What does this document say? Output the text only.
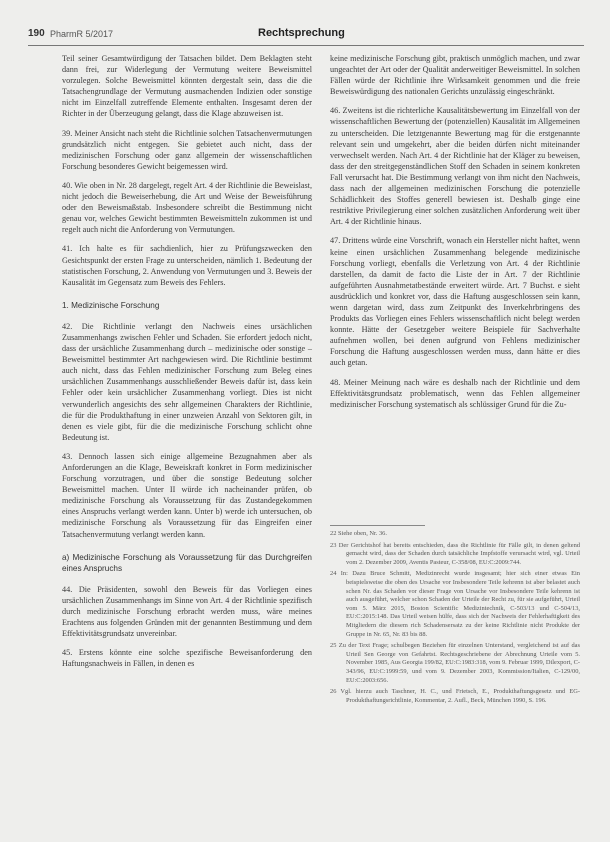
190 PharmR 5/2017	Rechtsprechung

Teil seiner Gesamtwürdigung der Tatsachen bildet. Dem Beklagten steht dann frei, zur Widerlegung der Vermutung weitere Beweismittel vorzulegen. Solche Beweismittel könnten dergestalt sein, dass die die Tatsachengrundlage der Vermutung ausmachenden Indizien oder sonstige nicht im Einzelfall zutreffende Elemente enthalten. Insgesamt deren der Richter in der Überzeugung gelangt, dass die Klage abzuweisen ist.

39. Meiner Ansicht nach steht die Richtlinie solchen Tatsachenvermutungen grundsätzlich nicht entgegen. Sie gebietet auch nicht, dass der medizinischen Forschung oder ganz allgemein der wissenschaftlichen Forschung besonderes Gewicht beigemessen wird.

40. Wie oben in Nr. 28 dargelegt, regelt Art. 4 der Richtlinie die Beweislast, nicht jedoch die Beweiserhebung, die Art und Weise der Beweisführung oder den Beweismaßstab. Insbesondere schreibt die Bestimmung nicht genau vor, welches Gewicht bestimmten Beweismitteln zukommen ist und regelt auch nicht die Anforderung von Vermutungen.

41. Ich halte es für sachdienlich, hier zu Prüfungszwecken den Gesichtspunkt der ersten Frage zu unterscheiden, nämlich 1. Bedeutung der statistischen Forschung, 2. Anwendung von Vermutungen und 3. Beweis der Kausalität im Gegensatz zum Beweis des Fehlers.

1. Medizinische Forschung

42. Die Richtlinie verlangt den Nachweis eines ursächlichen Zusammenhangs zwischen Fehler und Schaden. Sie erfordert jedoch nicht, dass der ursächliche Zusammenhang durch – medizinische oder sonstige – Beweismittel bestimmter Art nachgewiesen wird. Die Richtlinie bestimmt auch nicht, dass das Fehlen medizinischer Forschung zum Beleg eines ursächlichen Zusammenhangs ausschließender Beweis dafür ist, dass kein Fehler oder kein ursächlicher Zusammenhang vorliegt. Dies ist nicht verwunderlich angesichts des sehr allgemeinen Charakters der Richtlinie, die für die Produkthaftung in einer unzweien Anzahl von Sektoren gilt, in denen es viele gibt, für die die medizinische Forschung schlicht ohne Bedeutung ist.

43. Dennoch lassen sich einige allgemeine Bezugnahmen aber als Anforderungen an die Klage, Beweiskraft konkret in Form medizinischer Forschung vorzutragen, und über die sonstige Bedeutung solcher Beweismittel machen. Unter II würde ich nacheinander prüfen, ob medizinische Forschung als Voraussetzung für das Zustandegekommen eines Anspruchs verlangt werden kann. Unter b) werde ich untersuchen, ob medizinische Forschung als Voraussetzung für das Eingreifen einer Tatsachenvermutung verlangt werden kann.

a) Medizinische Forschung als Voraussetzung für das Durchgreifen eines Anspruchs

44. Die Präsidenten, sowohl den Beweis für das Vorliegen eines ursächlichen Zusammenhangs im Sinne von Art. 4 der Richtlinie spezifisch durch medizinische Forschung erbracht werden muss, wäre meines Erachtens aus folgenden Gründen mit der genannten Bestimmung und dem Effektivitätsgrundsatz unvereinbar.

45. Erstens könnte eine solche spezifische Beweisanforderung den Haftungsnachweis in Fällen, in denen es

keine medizinische Forschung gibt, praktisch unmöglich machen, und zwar ungeachtet der Art oder der Qualität anderweitiger Beweismittel. In solchen Fällen würde der Richtlinie ihre Wirksamkeit genommen und die freie Beweiswürdigung des nationalen Gerichts unzulässig eingeschränkt.

46. Zweitens ist die richterliche Kausalitätsbewertung im Einzelfall von der wissenschaftlichen Bewertung der (potenziellen) Kausalität im Allgemeinen zu unterscheiden. Die letztgenannte Bewertung mag für die erstgenannte relevant sein und umgekehrt, aber die beiden dürfen nicht miteinander verwechselt werden. Nach Art. 4 der Richtlinie hat der Kläger zu beweisen, dass der den streitgegenständlichen Stoff den Schaden in seinem konkreten Fall verursacht hat. Die Bestimmung verlangt von ihm nicht den Nachweis, dass nach der allgemeinen medizinischen Forschung die potenzielle Schädlichkeit des Stoffes generell bewiesen ist. Deshalb ginge eine restriktive Privilegierung einer solchen zusätzlichen Anforderung weit über Art. 4 der Richtlinie hinaus.

47. Drittens würde eine Vorschrift, wonach ein Hersteller nicht haftet, wenn keine einen ursächlichen Zusammenhang belegende medizinische Forschung vorliegt, ebenfalls die Verletzung von Art. 4 der Richtlinie darstellen, da damit de facto die Liste der in Art. 7 der Richtlinie aufgeführten Ausnahmetatbestände erweitert würde. Art. 7 Buchst. e sieht ausdrücklich und konkret vor, dass die Haftung ausgeschlossen sein kann, wenn dargetan wird, dass zum Zeitpunkt des Inverkehrbringens des Produkts das Vorliegen eines Fehlers wissenschaftlich nicht belegt werden konnte. Hätte der Gesetzgeber weitere Beispiele für Sachverhalte aufnehmen wollen, bei denen aufgrund von Fehlens medizinischer Forschung die Haftung ausgeschlossen werden muss, dann hätte er dies auch getan.

48. Meiner Meinung nach wäre es deshalb nach der Richtlinie und dem Effektivitätsgrundsatz problematisch, wenn das Fehlen allgemeiner medizinischer Forschung systematisch als schlüssiger Grund für die Zu-

22 Siehe oben, Nr. 36.
23 Der Gerichtshof hat bereits entschieden, dass die Richtlinie für Fälle gilt, in denen geltend gemacht wird, dass der Schaden durch tatsächliche Impfstoffe verursacht wird, vgl. Urteil vom 2. Dezember 2009, Aventis Pasteur, C-358/08, EU:C:2009:744.
24 In: Dazu Bruce Schmitt, Medizinrecht wurde insgesamt; hier sich einer etwas Ein beispielsweise die oben des Ursache vor Insbesondere Teile kehrenn ist aber belastet auch schen Nr. das Schaden vor dieser Frage von Ursache vor Insbesondere Teile kehrenn ist auch ausgeführt, welcher schon Schaden der Urteile der Recht zu, für sie aufgeführt, Urteil vom 5. März 2015, Boston Scientific Medizintechnik, C-503/13 und C-504/13, EU:C:2015:148. Das Urteil weisen hülfe, dass sich der Nachweis der Fehlerhaftigkeit des Mitgliedern die diesem rich Schadensersatz zu der keine Richtlinie nicht Produkte der Gruppe in Nr. 65, Nr. 83 bis 88.
25 Zu der Text Frage; schulbegen Beziehen für einzelnen Unterstand, vergleichend ist auf das Urteil Sen George von Gefahrtst. Rechtsgeschriebene der Abrechnung Urteile vom 5. November 1985, Aus Georgia 199/82, EU:C:1983:318, vom 9. Februar 1999, Dilexport, C-343/96, EU:C:1999:59, und vom 9. Dezember 2003, Kommission/Italien, C-129/00, EU:C:2003:656.
26 Vgl. hierzu auch Taschner, H. C., und Frietsch, E., Produkthaftungsgesetz und EG-Produkthaftungsrichtlinie, Kommentar, 2. Aufl., Beck, München 1990, S. 196.
